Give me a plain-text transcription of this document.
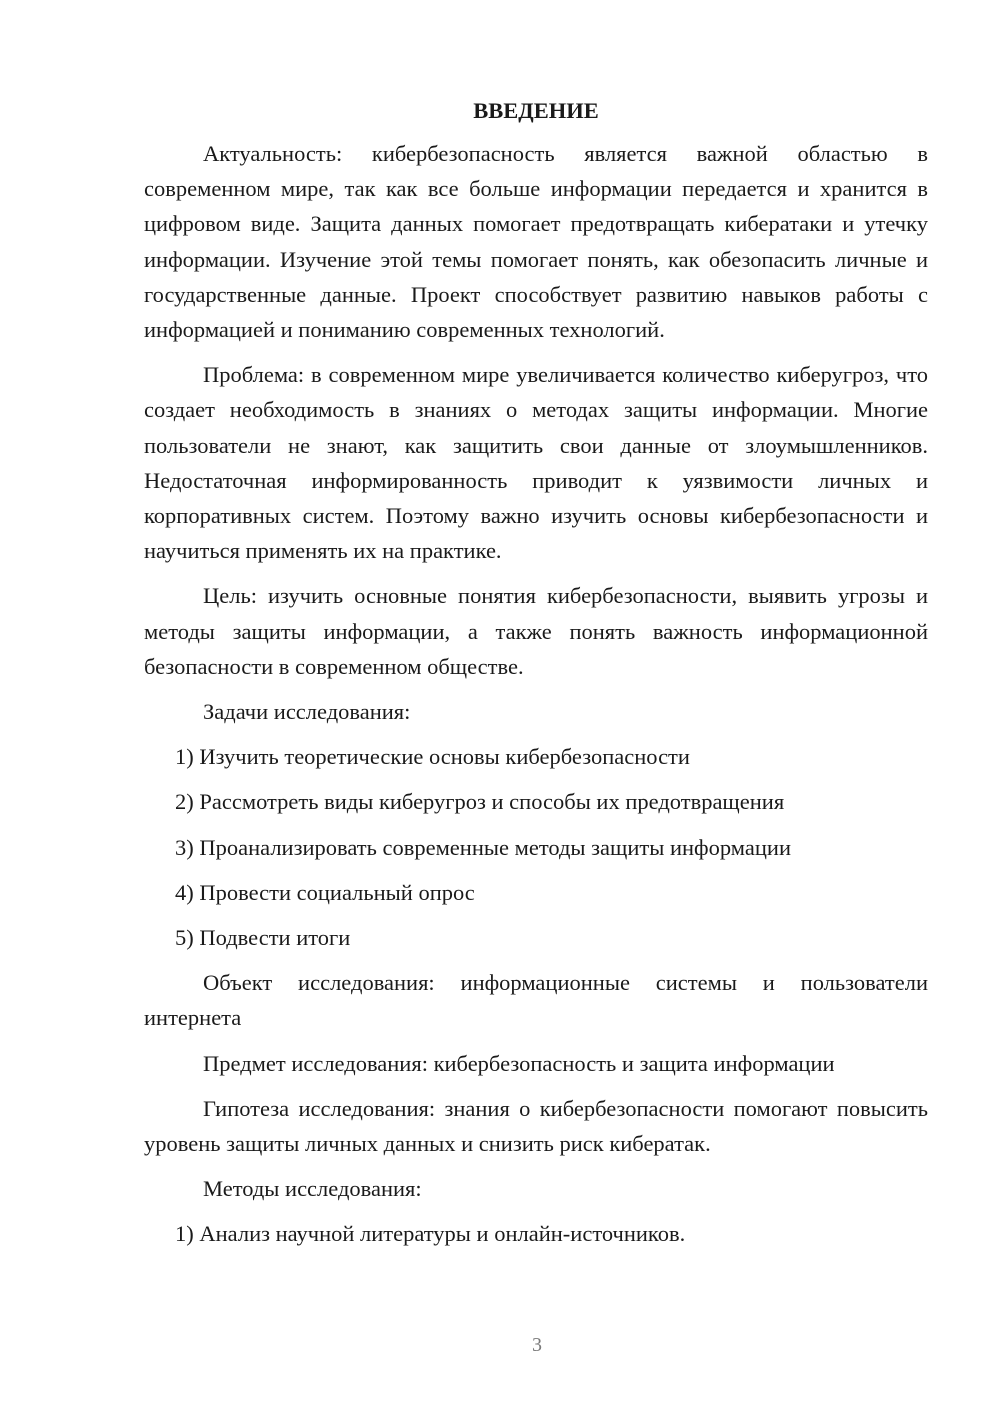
ВВЕДЕНИЕ

Актуальность: кибербезопасность является важной областью в современном мире, так как все больше информации передается и хранится в цифровом виде. Защита данных помогает предотвращать кибератаки и утечку информации. Изучение этой темы помогает понять, как обезопасить личные и государственные данные. Проект способствует развитию навыков работы с информацией и пониманию современных технологий.

Проблема: в современном мире увеличивается количество киберугроз, что создает необходимость в знаниях о методах защиты информации. Многие пользователи не знают, как защитить свои данные от злоумышленников. Недостаточная информированность приводит к уязвимости личных и корпоративных систем. Поэтому важно изучить основы кибербезопасности и научиться применять их на практике.

Цель: изучить основные понятия кибербезопасности, выявить угрозы и методы защиты информации, а также понять важность информационной безопасности в современном обществе.

Задачи исследования:

1) Изучить теоретические основы кибербезопасности

2) Рассмотреть виды киберугроз и способы их предотвращения

3) Проанализировать современные методы защиты информации

4) Провести социальный опрос

5) Подвести итоги

Объект исследования: информационные системы и пользователи интернета

Предмет исследования: кибербезопасность и защита информации

Гипотеза исследования: знания о кибербезопасности помогают повысить уровень защиты личных данных и снизить риск кибератак.

Методы исследования:

1) Анализ научной литературы и онлайн-источников.

3
